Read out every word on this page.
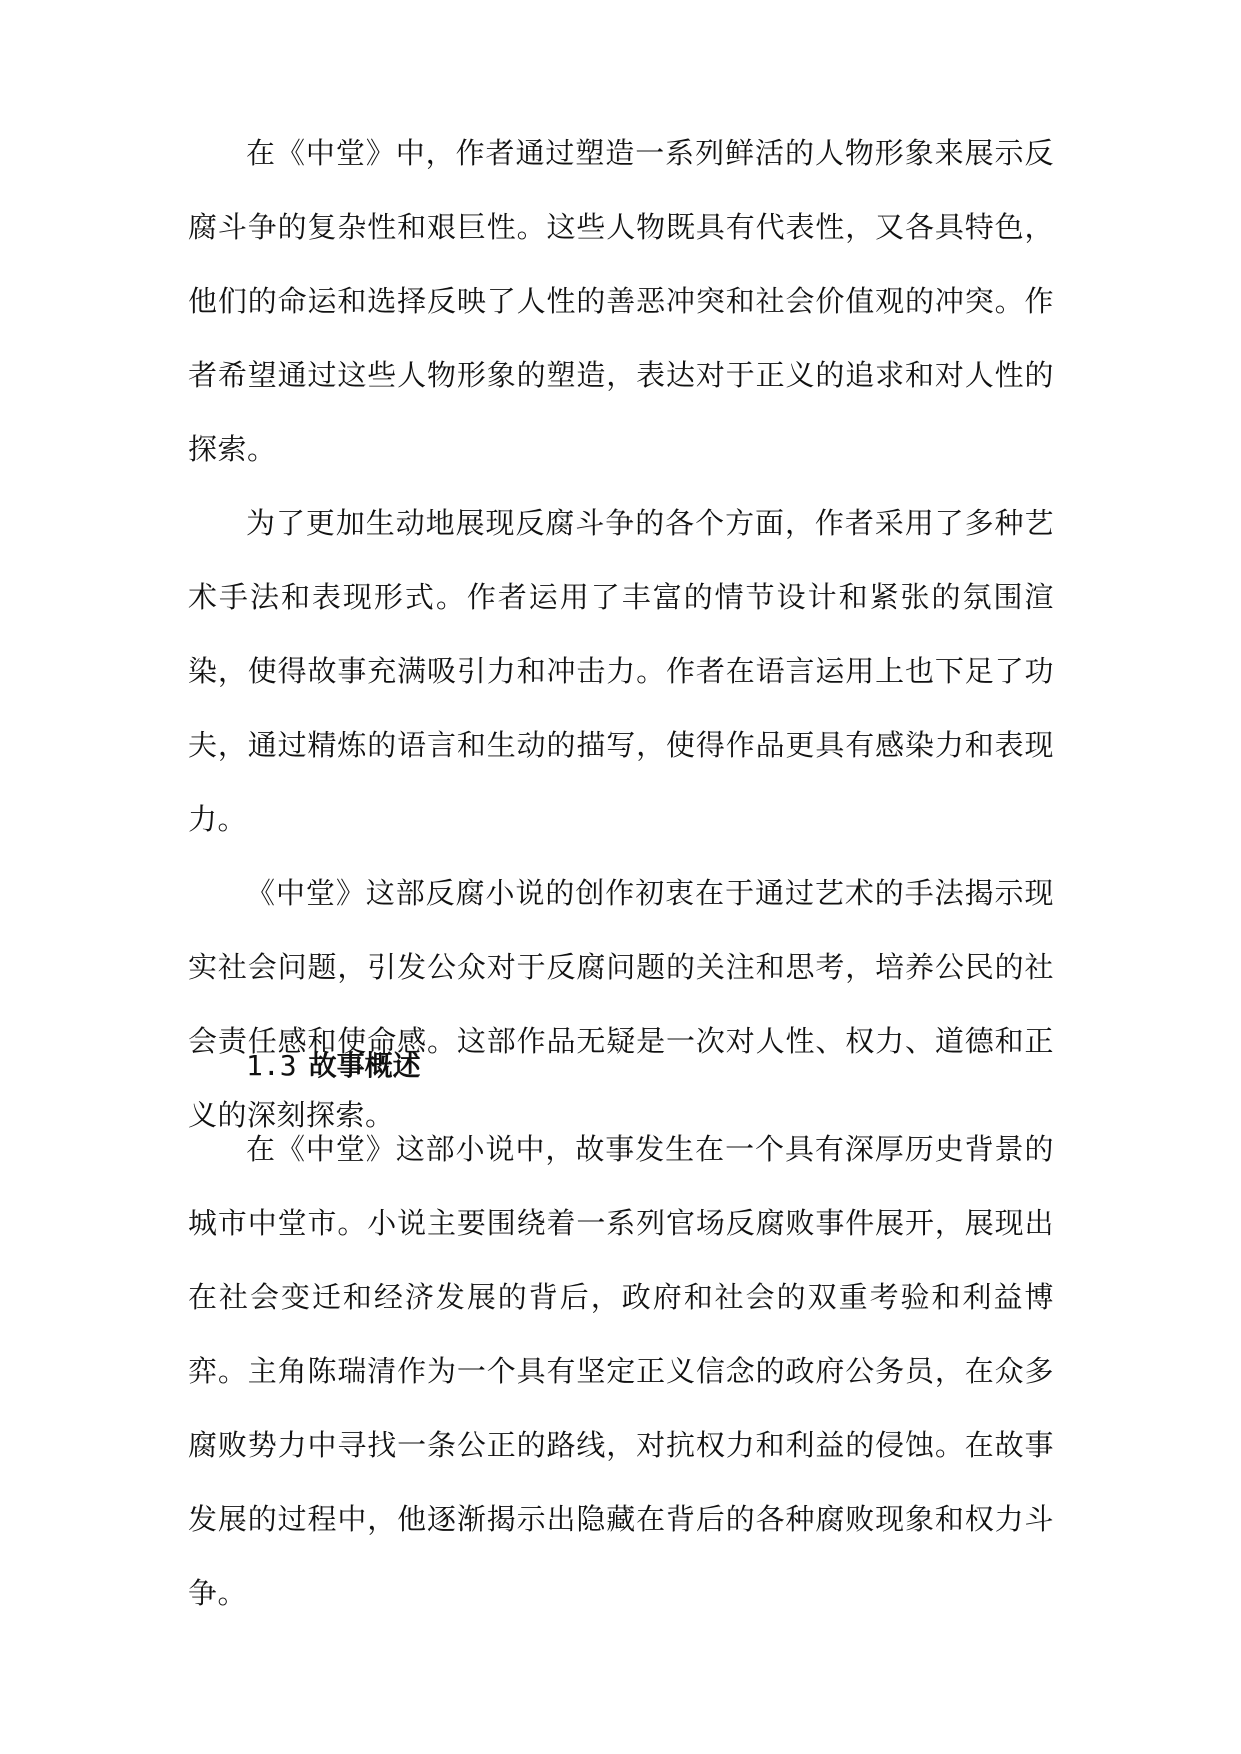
在《中堂》中，作者通过塑造一系列鲜活的人物形象来展示反腐斗争的复杂性和艰巨性。这些人物既具有代表性，又各具特色，他们的命运和选择反映了人性的善恶冲突和社会价值观的冲突。作者希望通过这些人物形象的塑造，表达对于正义的追求和对人性的探索。

为了更加生动地展现反腐斗争的各个方面，作者采用了多种艺术手法和表现形式。作者运用了丰富的情节设计和紧张的氛围渲染，使得故事充满吸引力和冲击力。作者在语言运用上也下足了功夫，通过精炼的语言和生动的描写，使得作品更具有感染力和表现力。

《中堂》这部反腐小说的创作初衷在于通过艺术的手法揭示现实社会问题，引发公众对于反腐问题的关注和思考，培养公民的社会责任感和使命感。这部作品无疑是一次对人性、权力、道德和正义的深刻探索。

1.3 故事概述

在《中堂》这部小说中，故事发生在一个具有深厚历史背景的城市中堂市。小说主要围绕着一系列官场反腐败事件展开，展现出在社会变迁和经济发展的背后，政府和社会的双重考验和利益博弈。主角陈瑞清作为一个具有坚定正义信念的政府公务员，在众多腐败势力中寻找一条公正的路线，对抗权力和利益的侵蚀。在故事发展的过程中，他逐渐揭示出隐藏在背后的各种腐败现象和权力斗争。
